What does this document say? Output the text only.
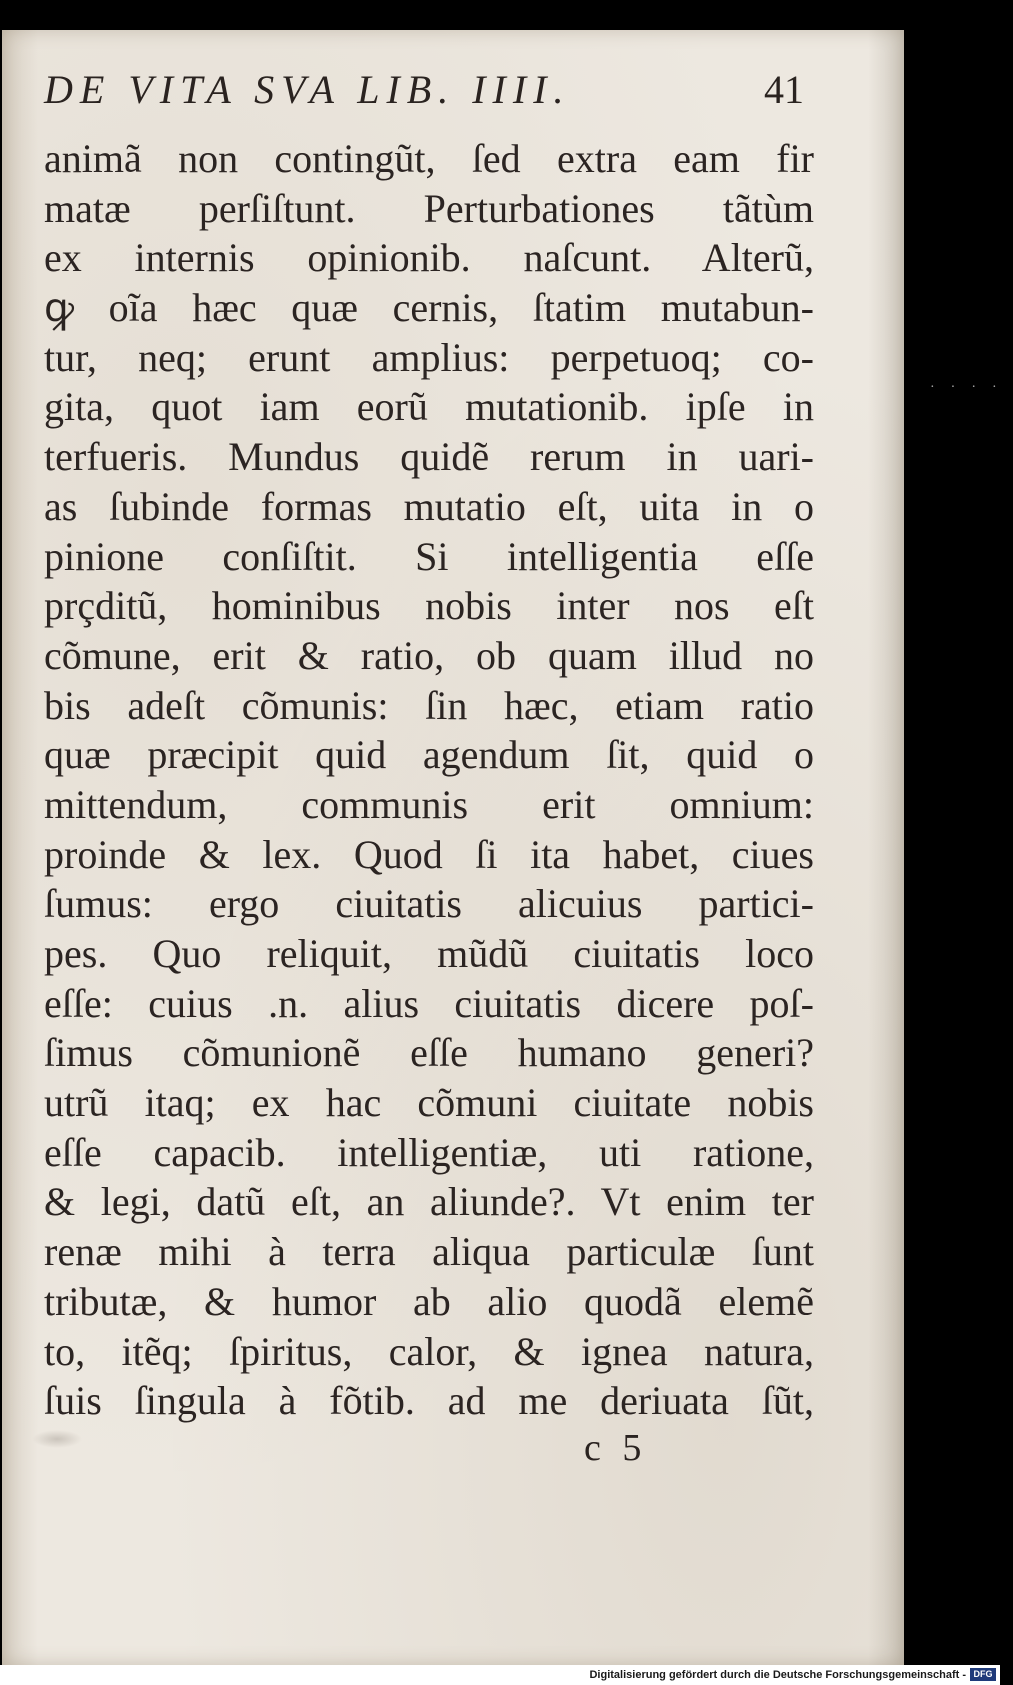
DE VITA SVA LIB. IIII.	41
animã non contingũt, ſed extra eam fir
matæ perſiſtunt. Perturbationes tãtùm
ex internis opinionib. naſcunt. Alterũ,
ꝙ oĩa hæc quæ cernis, ſtatim mutabun-
tur, neq; erunt amplius: perpetuoq; co-
gita, quot iam eorũ mutationib. ipſe in
terfueris. Mundus quidẽ rerum in uari-
as ſubinde formas mutatio eſt, uita in o
pinione conſiſtit. Si intelligentia eſſe
prçditũ, hominibus nobis inter nos eſt
cõmune, erit & ratio, ob quam illud no
bis adeſt cõmunis: ſin hæc, etiam ratio
quæ præcipit quid agendum ſit, quid o
mittendum, communis erit omnium:
proinde & lex. Quod ſi ita habet, ciues
ſumus: ergo ciuitatis alicuius partici-
pes. Quo reliquit, mũdũ ciuitatis loco
eſſe: cuius .n. alius ciuitatis dicere poſ-
ſimus cõmunionẽ eſſe humano generi?
utrũ itaq; ex hac cõmuni ciuitate nobis
eſſe capacib. intelligentiæ, uti ratione,
& legi, datũ eſt, an aliunde?. Vt enim ter
renæ mihi à terra aliqua particulæ ſunt
tributæ, & humor ab alio quodã elemẽ
to, itẽq; ſpiritus, calor, & ignea natura,
ſuis ſingula à fõtib. ad me deriuata ſũt,
c 5
····
Digitalisierung gefördert durch die Deutsche Forschungsgemeinschaft - DFG
